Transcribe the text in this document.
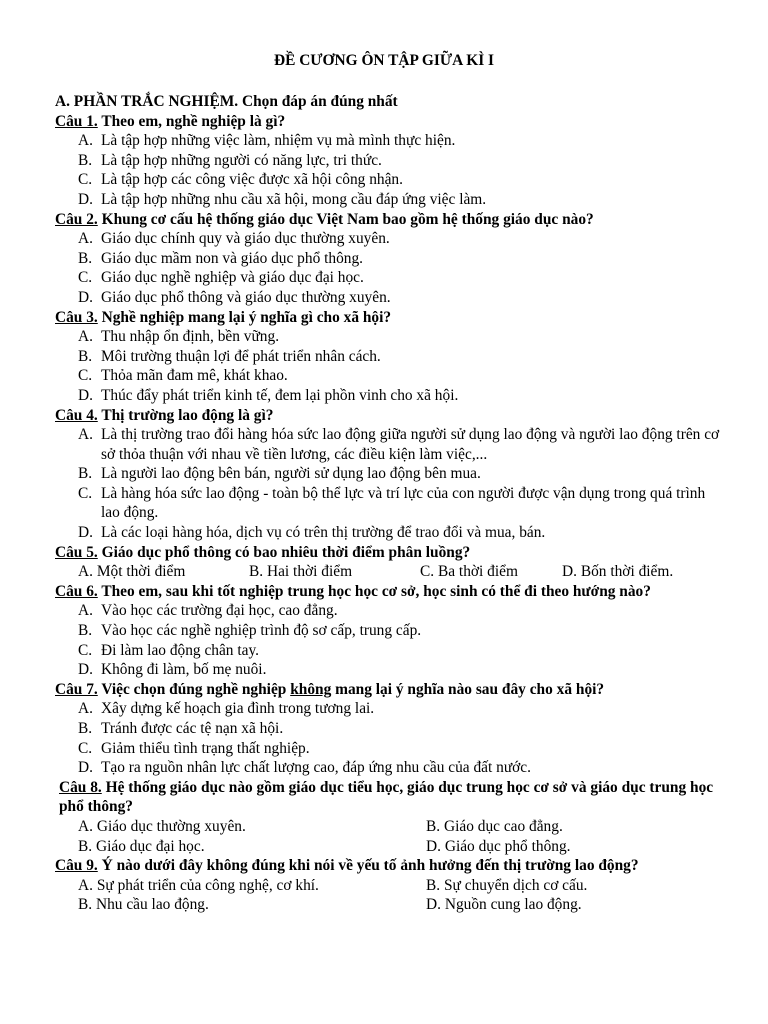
ĐỀ CƯƠNG ÔN TẬP GIỮA KÌ I

A. PHẦN TRẮC NGHIỆM. Chọn đáp án đúng nhất

Câu 1. Theo em, nghề nghiệp là gì?

A. Là tập hợp những việc làm, nhiệm vụ mà mình thực hiện.
B. Là tập hợp những người có năng lực, tri thức.
C. Là tập hợp các công việc được xã hội công nhận.
D. Là tập hợp những nhu cầu xã hội, mong cầu đáp ứng việc làm.

Câu 2. Khung cơ cấu hệ thống giáo dục Việt Nam bao gồm hệ thống giáo dục nào?

A. Giáo dục chính quy và giáo dục thường xuyên.
B. Giáo dục mầm non và giáo dục phổ thông.
C. Giáo dục nghề nghiệp và giáo dục đại học.
D. Giáo dục phổ thông và giáo dục thường xuyên.

Câu 3. Nghề nghiệp mang lại ý nghĩa gì cho xã hội?

A. Thu nhập ổn định, bền vững.
B. Môi trường thuận lợi để phát triển nhân cách.
C. Thỏa mãn đam mê, khát khao.
D. Thúc đẩy phát triển kinh tế, đem lại phồn vinh cho xã hội.

Câu 4. Thị trường lao động là gì?

A. Là thị trường trao đổi hàng hóa sức lao động giữa người sử dụng lao động và người lao động trên cơ sở thỏa thuận với nhau về tiền lương, các điều kiện làm việc,...
B. Là người lao động bên bán, người sử dụng lao động bên mua.
C. Là hàng hóa sức lao động - toàn bộ thể lực và trí lực của con người được vận dụng trong quá trình lao động.
D. Là các loại hàng hóa, dịch vụ có trên thị trường để trao đổi và mua, bán.

Câu 5. Giáo dục phổ thông có bao nhiêu thời điểm phân luồng?

A. Một thời điểm	B. Hai thời điểm	C. Ba thời điểm	D. Bốn thời điểm.

Câu 6. Theo em, sau khi tốt nghiệp trung học học cơ sở, học sinh có thể đi theo hướng nào?

A. Vào học các trường đại học, cao đẳng.
B. Vào học các nghề nghiệp trình độ sơ cấp, trung cấp.
C. Đi làm lao động chân tay.
D. Không đi làm, bố mẹ nuôi.

Câu 7. Việc chọn đúng nghề nghiệp không mang lại ý nghĩa nào sau đây cho xã hội?

A. Xây dựng kế hoạch gia đình trong tương lai.
B. Tránh được các tệ nạn xã hội.
C. Giảm thiểu tình trạng thất nghiệp.
D. Tạo ra nguồn nhân lực chất lượng cao, đáp ứng nhu cầu của đất nước.

Câu 8. Hệ thống giáo dục nào gồm giáo dục tiểu học, giáo dục trung học cơ sở và giáo dục trung học phổ thông?

A. Giáo dục thường xuyên.	B. Giáo dục cao đẳng.
B. Giáo dục đại học.	D. Giáo dục phổ thông.

Câu 9. Ý nào dưới đây không đúng khi nói về yếu tố ảnh hưởng đến thị trường lao động?

A. Sự phát triển của công nghệ, cơ khí.	B. Sự chuyển dịch cơ cấu.
B. Nhu cầu lao động.	D. Nguồn cung lao động.
